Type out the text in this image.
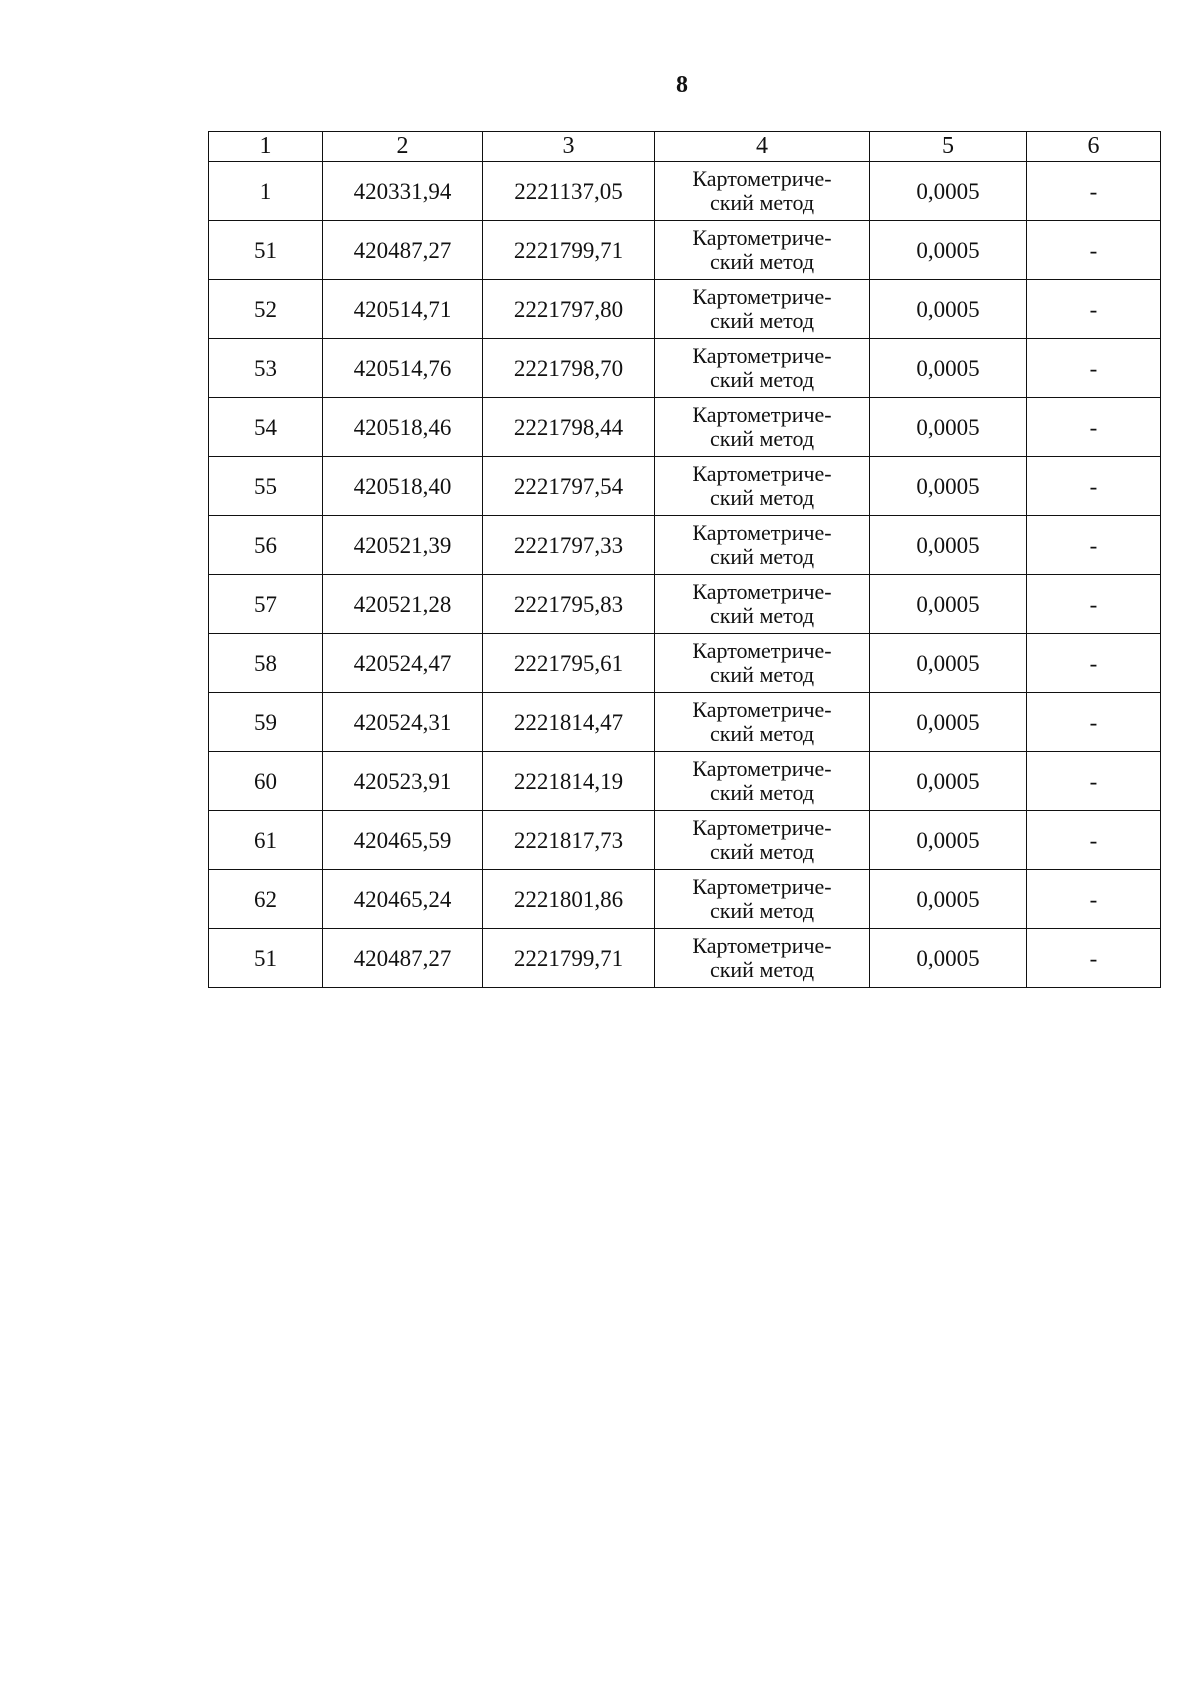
8
1	2	3	4	5	6
1	420331,94	2221137,05	Картометриче-
ский метод	0,0005	-
51	420487,27	2221799,71	Картометриче-
ский метод	0,0005	-
52	420514,71	2221797,80	Картометриче-
ский метод	0,0005	-
53	420514,76	2221798,70	Картометриче-
ский метод	0,0005	-
54	420518,46	2221798,44	Картометриче-
ский метод	0,0005	-
55	420518,40	2221797,54	Картометриче-
ский метод	0,0005	-
56	420521,39	2221797,33	Картометриче-
ский метод	0,0005	-
57	420521,28	2221795,83	Картометриче-
ский метод	0,0005	-
58	420524,47	2221795,61	Картометриче-
ский метод	0,0005	-
59	420524,31	2221814,47	Картометриче-
ский метод	0,0005	-
60	420523,91	2221814,19	Картометриче-
ский метод	0,0005	-
61	420465,59	2221817,73	Картометриче-
ский метод	0,0005	-
62	420465,24	2221801,86	Картометриче-
ский метод	0,0005	-
51	420487,27	2221799,71	Картометриче-
ский метод	0,0005	-
